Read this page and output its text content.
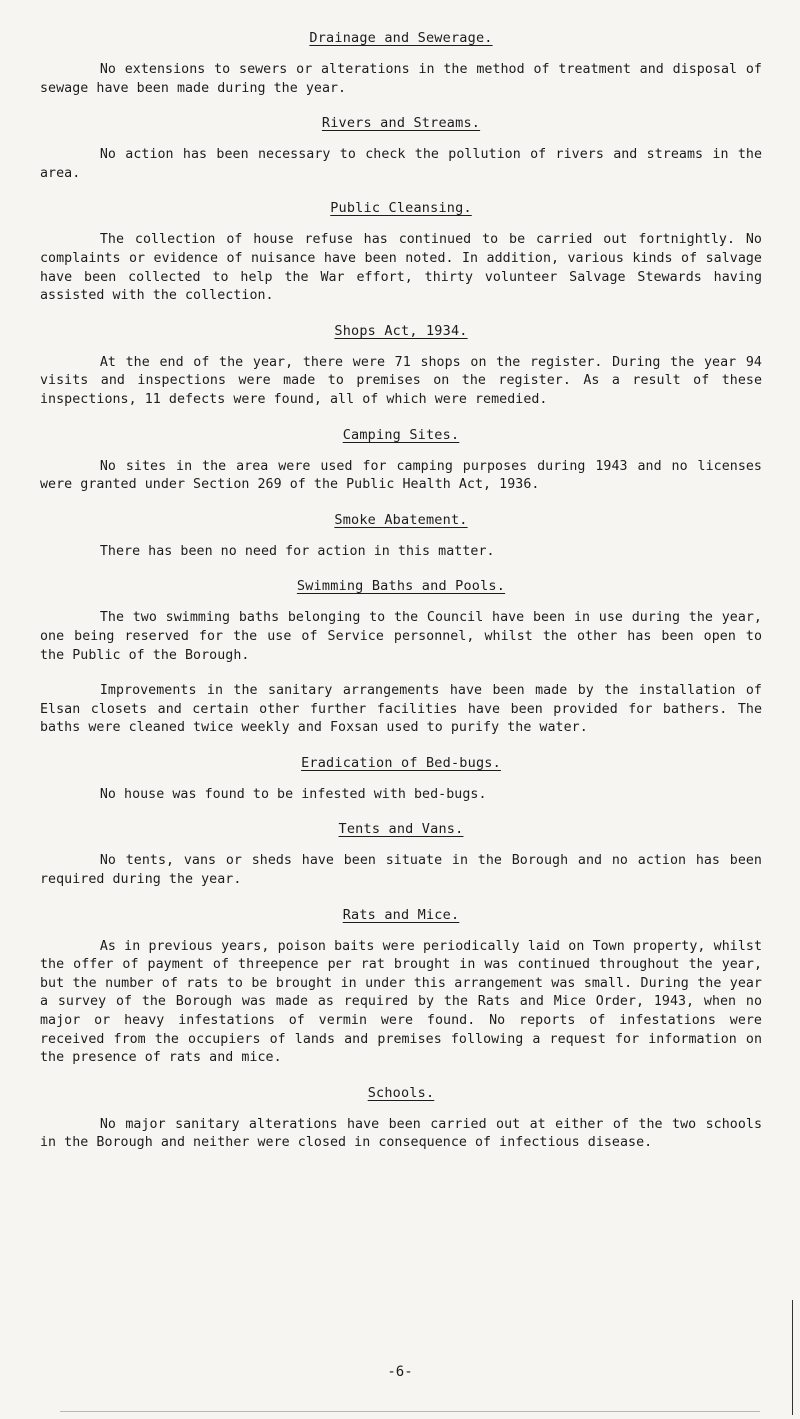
Drainage and Sewerage.

No extensions to sewers or alterations in the method of treatment and disposal of sewage have been made during the year.

Rivers and Streams.

No action has been necessary to check the pollution of rivers and streams in the area.

Public Cleansing.

The collection of house refuse has continued to be carried out fortnightly. No complaints or evidence of nuisance have been noted. In addition, various kinds of salvage have been collected to help the War effort, thirty volunteer Salvage Stewards having assisted with the collection.

Shops Act, 1934.

At the end of the year, there were 71 shops on the register. During the year 94 visits and inspections were made to premises on the register. As a result of these inspections, 11 defects were found, all of which were remedied.

Camping Sites.

No sites in the area were used for camping purposes during 1943 and no licenses were granted under Section 269 of the Public Health Act, 1936.

Smoke Abatement.

There has been no need for action in this matter.

Swimming Baths and Pools.

The two swimming baths belonging to the Council have been in use during the year, one being reserved for the use of Service personnel, whilst the other has been open to the Public of the Borough.

Improvements in the sanitary arrangements have been made by the installation of Elsan closets and certain other further facilities have been provided for bathers. The baths were cleaned twice weekly and Foxsan used to purify the water.

Eradication of Bed-bugs.

No house was found to be infested with bed-bugs.

Tents and Vans.

No tents, vans or sheds have been situate in the Borough and no action has been required during the year.

Rats and Mice.

As in previous years, poison baits were periodically laid on Town property, whilst the offer of payment of threepence per rat brought in was continued throughout the year, but the number of rats to be brought in under this arrangement was small. During the year a survey of the Borough was made as required by the Rats and Mice Order, 1943, when no major or heavy infestations of vermin were found. No reports of infestations were received from the occupiers of lands and premises following a request for information on the presence of rats and mice.

Schools.

No major sanitary alterations have been carried out at either of the two schools in the Borough and neither were closed in consequence of infectious disease.

-6-
